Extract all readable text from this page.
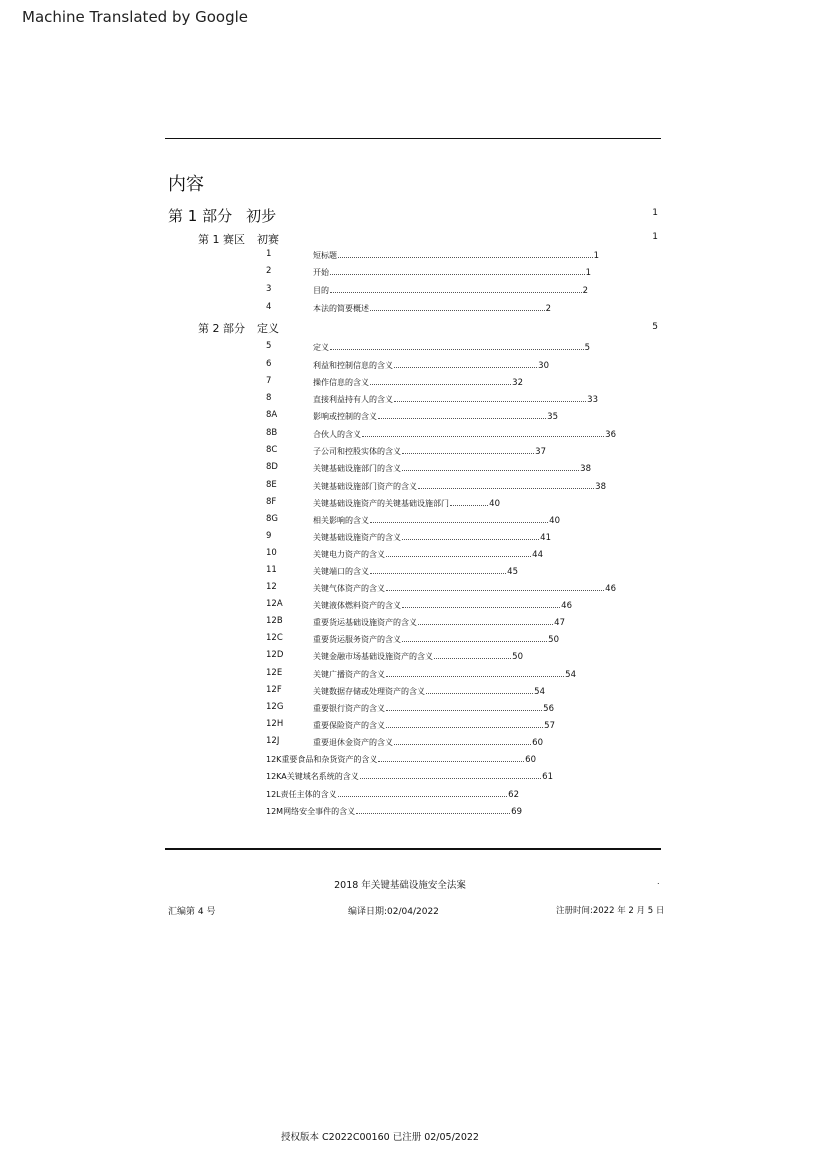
Machine Translated by Google
内容
第 1 部分 初步	1
第 1 赛区 初赛	1
1	短标题	1
2	开始	1
3	目的	2
4	本法的简要概述	2
第 2 部分 定义	5
5	定义	5
6	利益和控制信息的含义	30
7	操作信息的含义	32
8	直接利益持有人的含义	33
8A	影响或控制的含义	35
8B	合伙人的含义	36
8C	子公司和控股实体的含义	37
8D	关键基础设施部门的含义	38
8E	关键基础设施部门资产的含义	38
8F	关键基础设施资产的关键基础设施部门	40
8G	相关影响的含义	40
9	关键基础设施资产的含义	41
10	关键电力资产的含义	44
11	关键端口的含义	45
12	关键气体资产的含义	46
12A	关键液体燃料资产的含义	46
12B	重要货运基础设施资产的含义	47
12C	重要货运服务资产的含义	50
12D	关键金融市场基础设施资产的含义	50
12E	关键广播资产的含义	54
12F	关键数据存储或处理资产的含义	54
12G	重要银行资产的含义	56
12H	重要保险资产的含义	57
12J	重要退休金资产的含义	60
12K 重要食品和杂货资产的含义	60
12KA 关键域名系统的含义	61
12L 责任主体的含义	62
12M 网络安全事件的含义	69
2018 年关键基础设施安全法案	.
汇编第 4 号	编译日期:02/04/2022	注册时间:2022 年 2 月 5 日
授权版本 C2022C00160 已注册 02/05/2022
